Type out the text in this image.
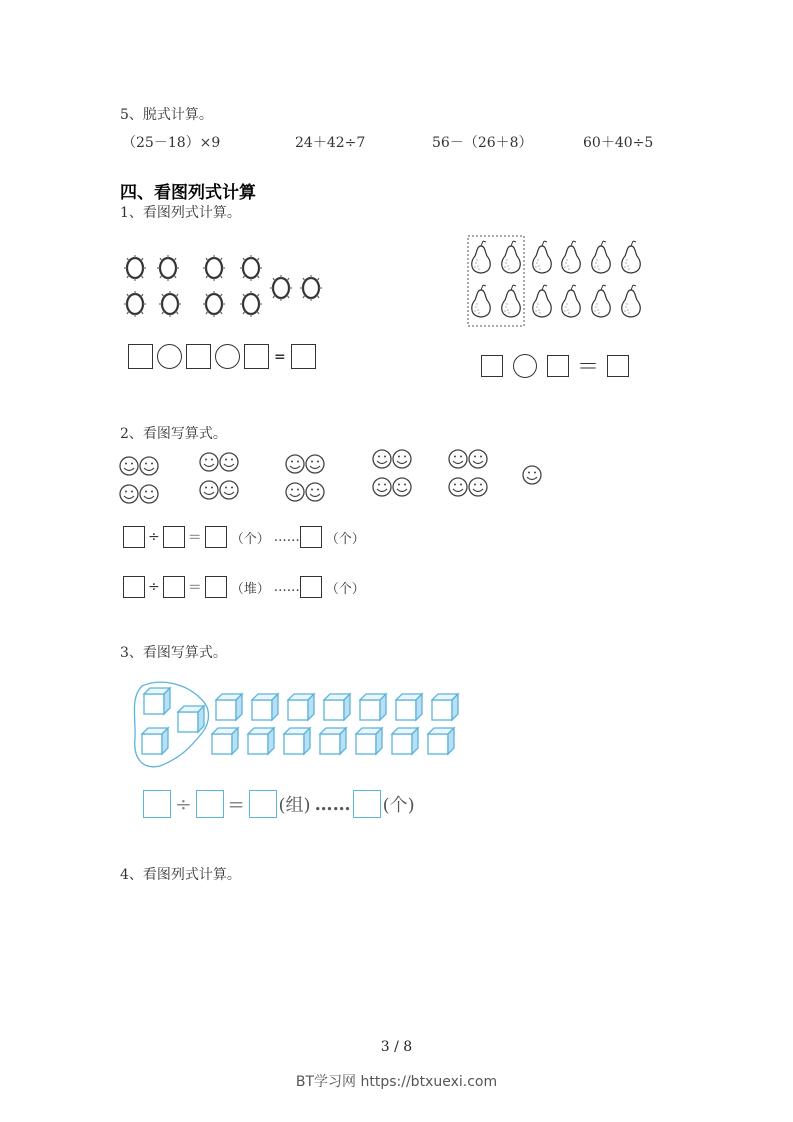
5、脱式计算。
（25－18）×9	24＋42÷7	56－（26＋8）	60＋40÷5
四、看图列式计算
1、看图列式计算。
=	＝
2、看图写算式。
÷ ＝ （个） …… （个）
÷ ＝ （堆） …… （个）
3、看图写算式。
÷ = (组) …… (个)
4、看图列式计算。
3 / 8
BT学习网 https://btxuexi.com
